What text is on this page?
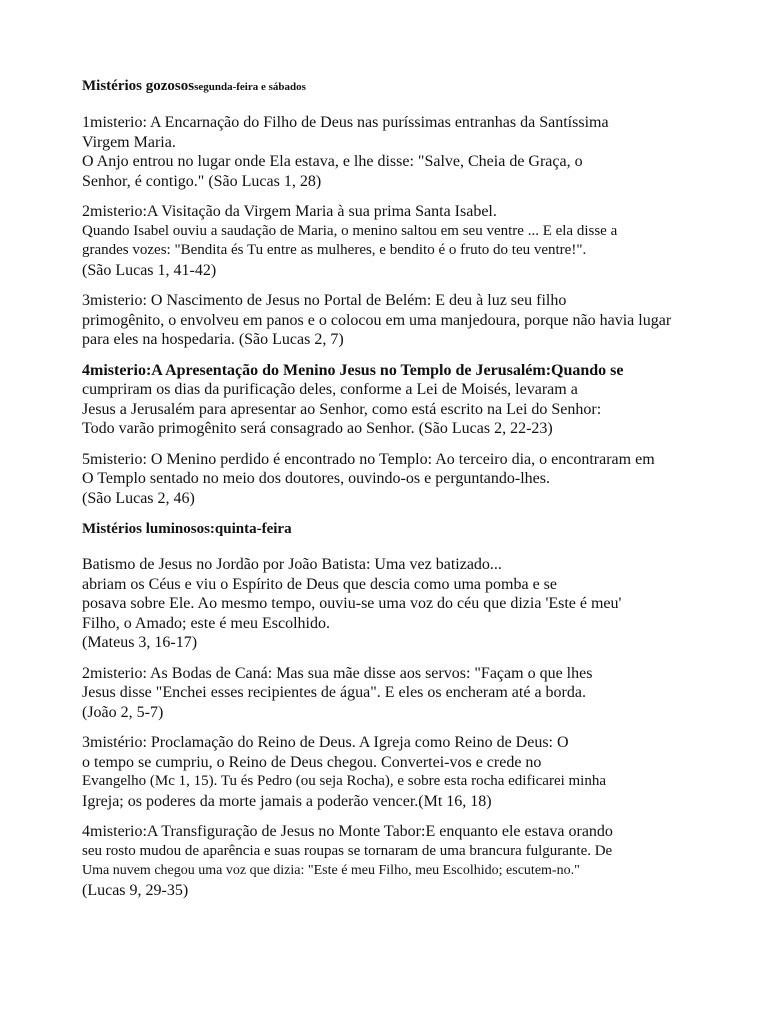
Mistérios gozosossegunda-feira e sábados
1misterio: A Encarnação do Filho de Deus nas puríssimas entranhas da Santíssima
Virgem Maria.
O Anjo entrou no lugar onde Ela estava, e lhe disse: "Salve, Cheia de Graça, o
Senhor, é contigo." (São Lucas 1, 28)
2misterio:A Visitação da Virgem Maria à sua prima Santa Isabel.
Quando Isabel ouviu a saudação de Maria, o menino saltou em seu ventre ... E ela disse a
grandes vozes: "Bendita és Tu entre as mulheres, e bendito é o fruto do teu ventre!".
(São Lucas 1, 41-42)
3misterio: O Nascimento de Jesus no Portal de Belém: E deu à luz seu filho
primogênito, o envolveu em panos e o colocou em uma manjedoura, porque não havia lugar
para eles na hospedaria. (São Lucas 2, 7)
4misterio:A Apresentação do Menino Jesus no Templo de Jerusalém:Quando se
cumpriram os dias da purificação deles, conforme a Lei de Moisés, levaram a
Jesus a Jerusalém para apresentar ao Senhor, como está escrito na Lei do Senhor:
Todo varão primogênito será consagrado ao Senhor. (São Lucas 2, 22-23)
5misterio: O Menino perdido é encontrado no Templo: Ao terceiro dia, o encontraram em
O Templo sentado no meio dos doutores, ouvindo-os e perguntando-lhes.
(São Lucas 2, 46)
Mistérios luminosos:quinta-feira
Batismo de Jesus no Jordão por João Batista: Uma vez batizado...
abriam os Céus e viu o Espírito de Deus que descia como uma pomba e se
posava sobre Ele. Ao mesmo tempo, ouviu-se uma voz do céu que dizia 'Este é meu'
Filho, o Amado; este é meu Escolhido.
(Mateus 3, 16-17)
2misterio: As Bodas de Caná: Mas sua mãe disse aos servos: "Façam o que lhes
Jesus disse "Enchei esses recipientes de água". E eles os encheram até a borda.
(João 2, 5-7)
3mistério: Proclamação do Reino de Deus. A Igreja como Reino de Deus: O
o tempo se cumpriu, o Reino de Deus chegou. Convertei-vos e crede no
Evangelho (Mc 1, 15). Tu és Pedro (ou seja Rocha), e sobre esta rocha edificarei minha
Igreja; os poderes da morte jamais a poderão vencer.(Mt 16, 18)
4misterio:A Transfiguração de Jesus no Monte Tabor:E enquanto ele estava orando
seu rosto mudou de aparência e suas roupas se tornaram de uma brancura fulgurante. De
Uma nuvem chegou uma voz que dizia: "Este é meu Filho, meu Escolhido; escutem-no."
(Lucas 9, 29-35)
